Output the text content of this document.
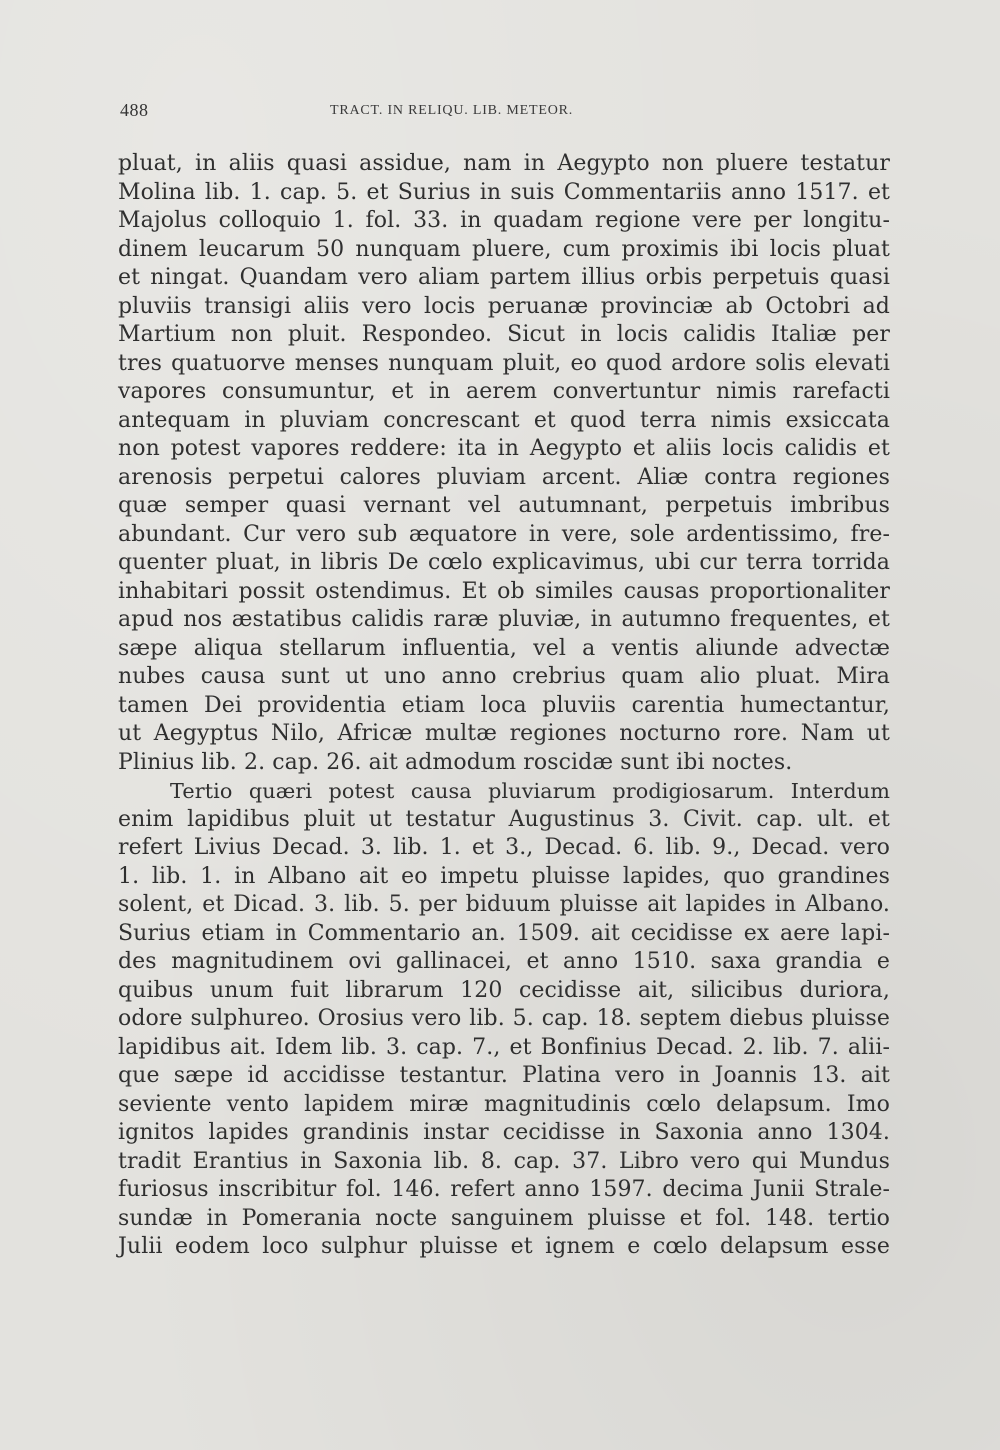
488	TRACT. IN RELIQU. LIB. METEOR.
pluat, in aliis quasi assidue, nam in Aegypto non pluere testatur
Molina lib. 1. cap. 5. et Surius in suis Commentariis anno 1517. et
Majolus colloquio 1. fol. 33. in quadam regione vere per longitu-
dinem leucarum 50 nunquam pluere, cum proximis ibi locis pluat
et ningat. Quandam vero aliam partem illius orbis perpetuis quasi
pluviis transigi aliis vero locis peruanæ provinciæ ab Octobri ad
Martium non pluit. Respondeo. Sicut in locis calidis Italiæ per
tres quatuorve menses nunquam pluit, eo quod ardore solis elevati
vapores consumuntur, et in aerem convertuntur nimis rarefacti
antequam in pluviam concrescant et quod terra nimis exsiccata
non potest vapores reddere: ita in Aegypto et aliis locis calidis et
arenosis perpetui calores pluviam arcent. Aliæ contra regiones
quæ semper quasi vernant vel autumnant, perpetuis imbribus
abundant. Cur vero sub æquatore in vere, sole ardentissimo, fre-
quenter pluat, in libris De cœlo explicavimus, ubi cur terra torrida
inhabitari possit ostendimus. Et ob similes causas proportionaliter
apud nos æstatibus calidis raræ pluviæ, in autumno frequentes, et
sæpe aliqua stellarum influentia, vel a ventis aliunde advectæ
nubes causa sunt ut uno anno crebrius quam alio pluat. Mira
tamen Dei providentia etiam loca pluviis carentia humectantur,
ut Aegyptus Nilo, Africæ multæ regiones nocturno rore. Nam ut
Plinius lib. 2. cap. 26. ait admodum roscidæ sunt ibi noctes.
Tertio quæri potest causa pluviarum prodigiosarum. Interdum
enim lapidibus pluit ut testatur Augustinus 3. Civit. cap. ult. et
refert Livius Decad. 3. lib. 1. et 3., Decad. 6. lib. 9., Decad. vero
1. lib. 1. in Albano ait eo impetu pluisse lapides, quo grandines
solent, et Dicad. 3. lib. 5. per biduum pluisse ait lapides in Albano.
Surius etiam in Commentario an. 1509. ait cecidisse ex aere lapi-
des magnitudinem ovi gallinacei, et anno 1510. saxa grandia e
quibus unum fuit librarum 120 cecidisse ait, silicibus duriora,
odore sulphureo. Orosius vero lib. 5. cap. 18. septem diebus pluisse
lapidibus ait. Idem lib. 3. cap. 7., et Bonfinius Decad. 2. lib. 7. alii-
que sæpe id accidisse testantur. Platina vero in Joannis 13. ait
seviente vento lapidem miræ magnitudinis cœlo delapsum. Imo
ignitos lapides grandinis instar cecidisse in Saxonia anno 1304.
tradit Erantius in Saxonia lib. 8. cap. 37. Libro vero qui Mundus
furiosus inscribitur fol. 146. refert anno 1597. decima Junii Strale-
sundæ in Pomerania nocte sanguinem pluisse et fol. 148. tertio
Julii eodem loco sulphur pluisse et ignem e cœlo delapsum esse
